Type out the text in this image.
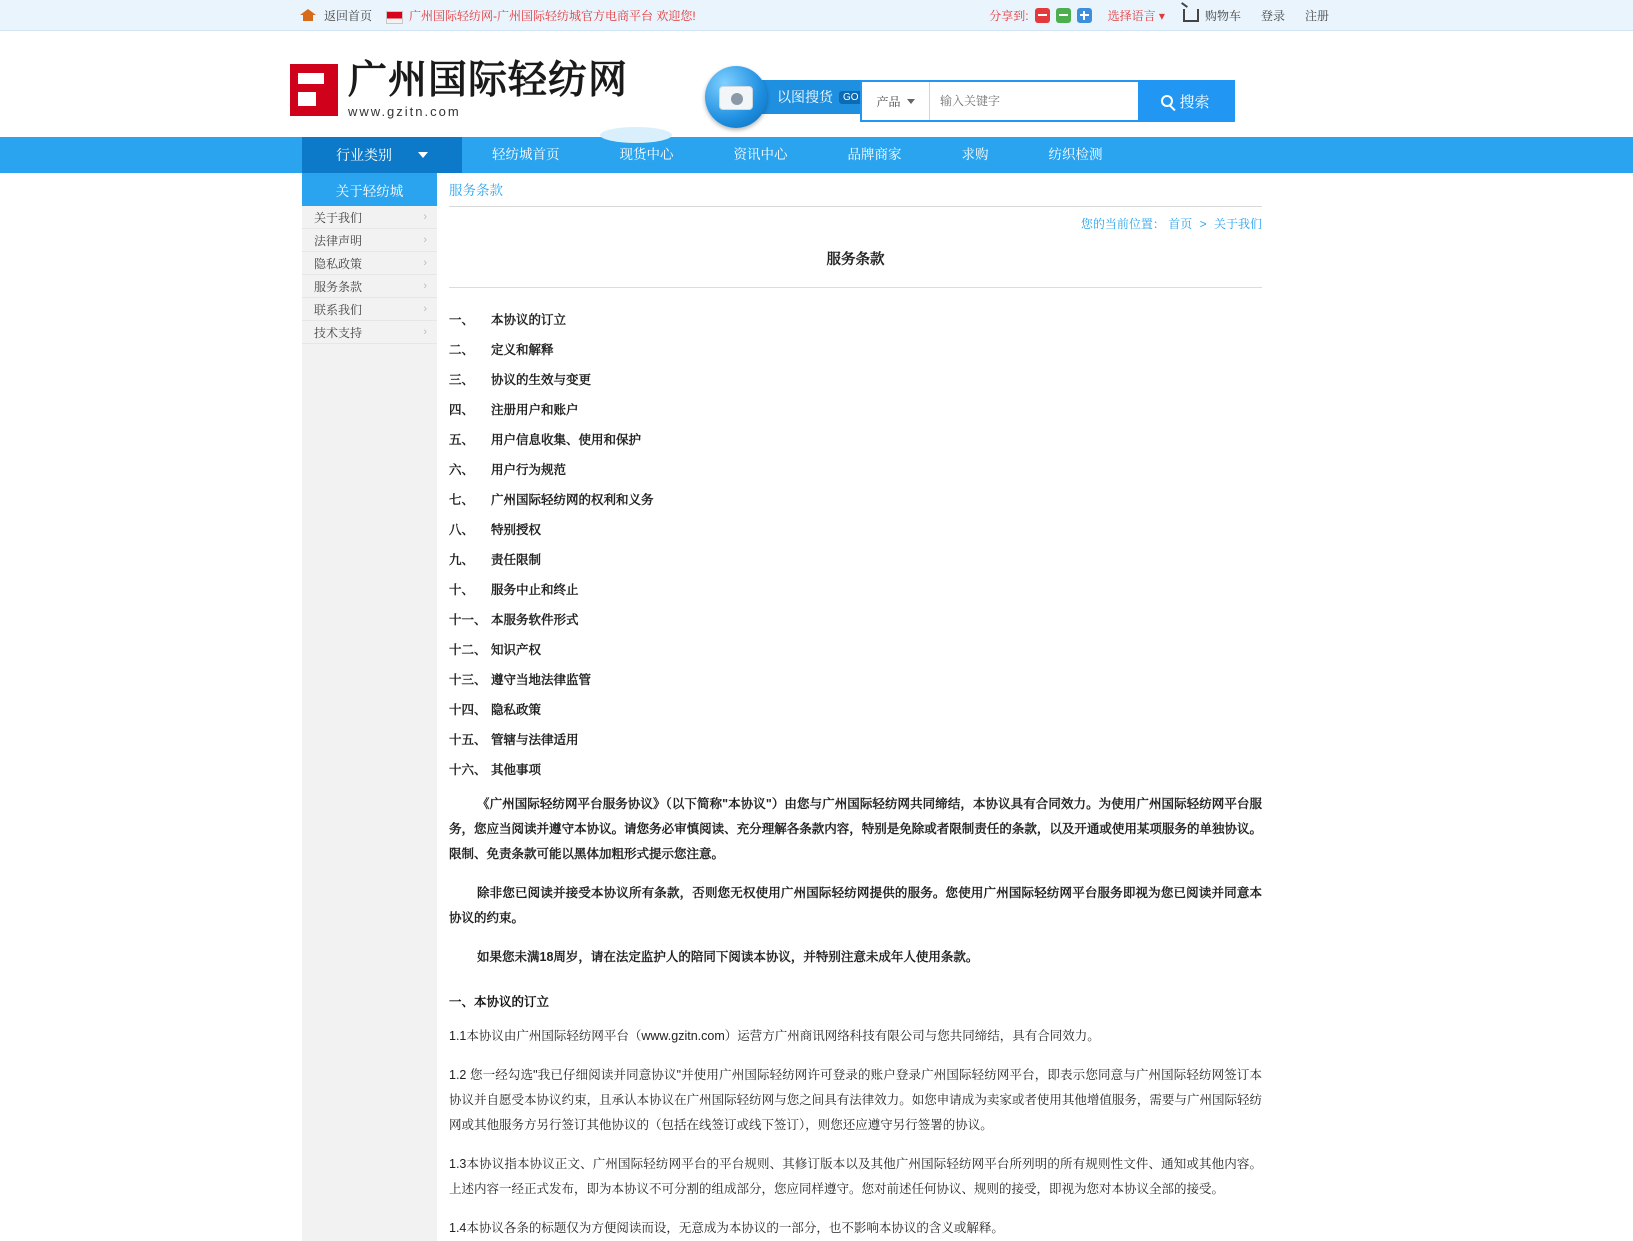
返回首页	广州国际轻纺网-广州国际轻纺城官方电商平台 欢迎您!	分享到:	选择语言 ▾	购物车 登录 注册
广州国际轻纺网
www.gzitn.com
以图搜货	GO	产品
输入关键字	搜索
行业类别	轻纺城首页	现货中心	资讯中心	品牌商家	求购	纺织检测
关于轻纺城
关于我们	›
法律声明	›
隐私政策	›
服务条款	›
联系我们	›
技术支持	›
服务条款
您的当前位置： 首页 > 关于我们
服务条款
一、	本协议的订立
二、	定义和解释
三、	协议的生效与变更
四、	注册用户和账户
五、	用户信息收集、使用和保护
六、	用户行为规范
七、	广州国际轻纺网的权利和义务
八、	特别授权
九、	责任限制
十、	服务中止和终止
十一、 本服务软件形式
十二、 知识产权
十三、 遵守当地法律监管
十四、 隐私政策
十五、 管辖与法律适用
十六、 其他事项

《广州国际轻纺网平台服务协议》（以下简称"本协议"）由您与广州国际轻纺网共同缔结，本协议具有合同效力。为使用广州国际轻纺网平台服务，您应当阅读并遵守本协议。请您务必审慎阅读、充分理解各条款内容，特别是免除或者限制责任的条款，以及开通或使用某项服务的单独协议。限制、免责条款可能以黑体加粗形式提示您注意。

除非您已阅读并接受本协议所有条款，否则您无权使用广州国际轻纺网提供的服务。您使用广州国际轻纺网平台服务即视为您已阅读并同意本协议的约束。

如果您未满18周岁，请在法定监护人的陪同下阅读本协议，并特别注意未成年人使用条款。

一、本协议的订立

1.1本协议由广州国际轻纺网平台（www.gzitn.com）运营方广州商讯网络科技有限公司与您共同缔结，具有合同效力。

1.2 您一经勾选"我已仔细阅读并同意协议"并使用广州国际轻纺网许可登录的账户登录广州国际轻纺网平台，即表示您同意与广州国际轻纺网签订本协议并自愿受本协议约束，且承认本协议在广州国际轻纺网与您之间具有法律效力。如您申请成为卖家或者使用其他增值服务，需要与广州国际轻纺网或其他服务方另行签订其他协议的（包括在线签订或线下签订），则您还应遵守另行签署的协议。

1.3本协议指本协议正文、广州国际轻纺网平台的平台规则、其修订版本以及其他广州国际轻纺网平台所列明的所有规则性文件、通知或其他内容。上述内容一经正式发布，即为本协议不可分割的组成部分，您应同样遵守。您对前述任何协议、规则的接受，即视为您对本协议全部的接受。

1.4本协议各条的标题仅为方便阅读而设，无意成为本协议的一部分，也不影响本协议的含义或解释。
